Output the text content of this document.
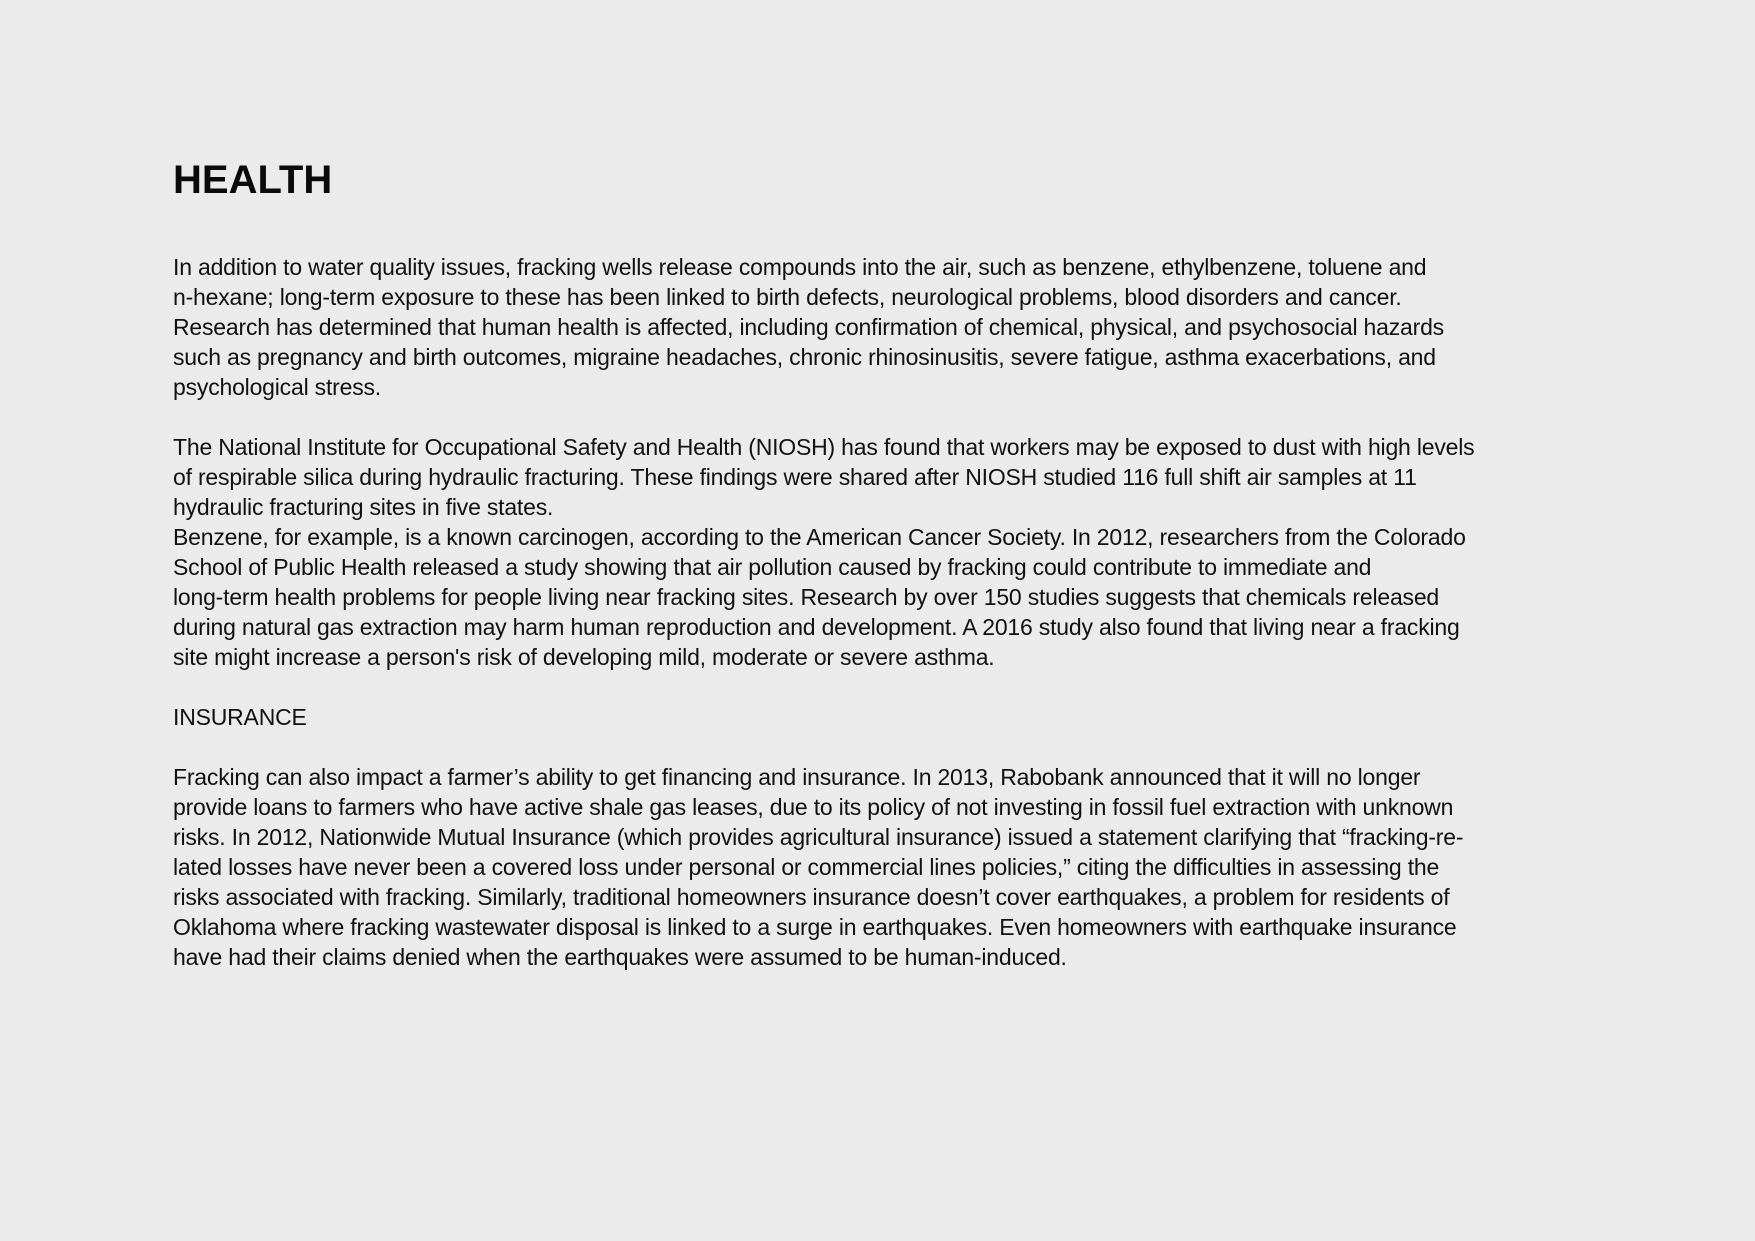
HEALTH

In addition to water quality issues, fracking wells release compounds into the air, such as benzene, ethylbenzene, toluene and
n-hexane; long-term exposure to these has been linked to birth defects, neurological problems, blood disorders and cancer.
Research has determined that human health is affected, including confirmation of chemical, physical, and psychosocial hazards
such as pregnancy and birth outcomes, migraine headaches, chronic rhinosinusitis, severe fatigue, asthma exacerbations, and
psychological stress.

The National Institute for Occupational Safety and Health (NIOSH) has found that workers may be exposed to dust with high levels
of respirable silica during hydraulic fracturing. These findings were shared after NIOSH studied 116 full shift air samples at 11
hydraulic fracturing sites in five states.
Benzene, for example, is a known carcinogen, according to the American Cancer Society. In 2012, researchers from the Colorado
School of Public Health released a study showing that air pollution caused by fracking could contribute to immediate and
long-term health problems for people living near fracking sites. Research by over 150 studies suggests that chemicals released
during natural gas extraction may harm human reproduction and development. A 2016 study also found that living near a fracking
site might increase a person's risk of developing mild, moderate or severe asthma.

INSURANCE

Fracking can also impact a farmer’s ability to get financing and insurance. In 2013, Rabobank announced that it will no longer
provide loans to farmers who have active shale gas leases, due to its policy of not investing in fossil fuel extraction with unknown
risks. In 2012, Nationwide Mutual Insurance (which provides agricultural insurance) issued a statement clarifying that “fracking-re-
lated losses have never been a covered loss under personal or commercial lines policies,” citing the difficulties in assessing the
risks associated with fracking. Similarly, traditional homeowners insurance doesn’t cover earthquakes, a problem for residents of
Oklahoma where fracking wastewater disposal is linked to a surge in earthquakes. Even homeowners with earthquake insurance
have had their claims denied when the earthquakes were assumed to be human-induced.
